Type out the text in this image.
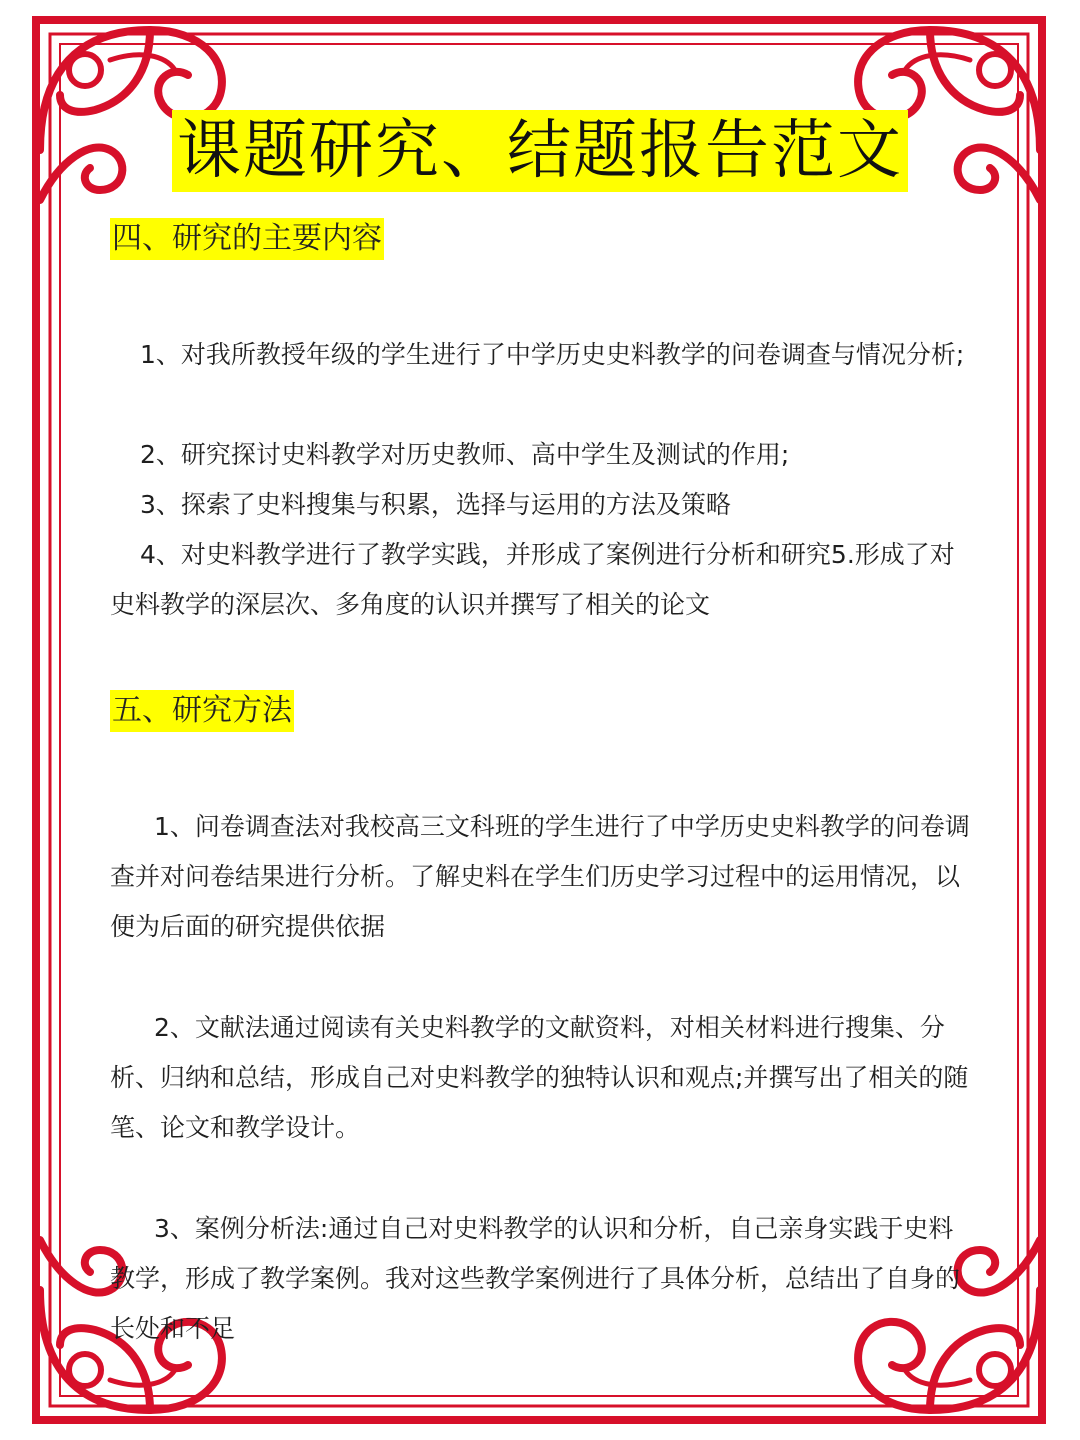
课题研究、结题报告范文
四、研究的主要内容

1、对我所教授年级的学生进行了中学历史史料教学的问卷调查与情况分析;

2、研究探讨史料教学对历史教师、高中学生及测试的作用;

3、探索了史料搜集与积累，选择与运用的方法及策略

4、对史料教学进行了教学实践，并形成了案例进行分析和研究5.形成了对史料教学的深层次、多角度的认识并撰写了相关的论文

五、研究方法

1、问卷调查法对我校高三文科班的学生进行了中学历史史料教学的问卷调查并对问卷结果进行分析。了解史料在学生们历史学习过程中的运用情况，以便为后面的研究提供依据

2、文献法通过阅读有关史料教学的文献资料，对相关材料进行搜集、分析、归纳和总结，形成自己对史料教学的独特认识和观点;并撰写出了相关的随笔、论文和教学设计。

3、案例分析法:通过自己对史料教学的认识和分析，自己亲身实践于史料教学，形成了教学案例。我对这些教学案例进行了具体分析，总结出了自身的长处和不足
